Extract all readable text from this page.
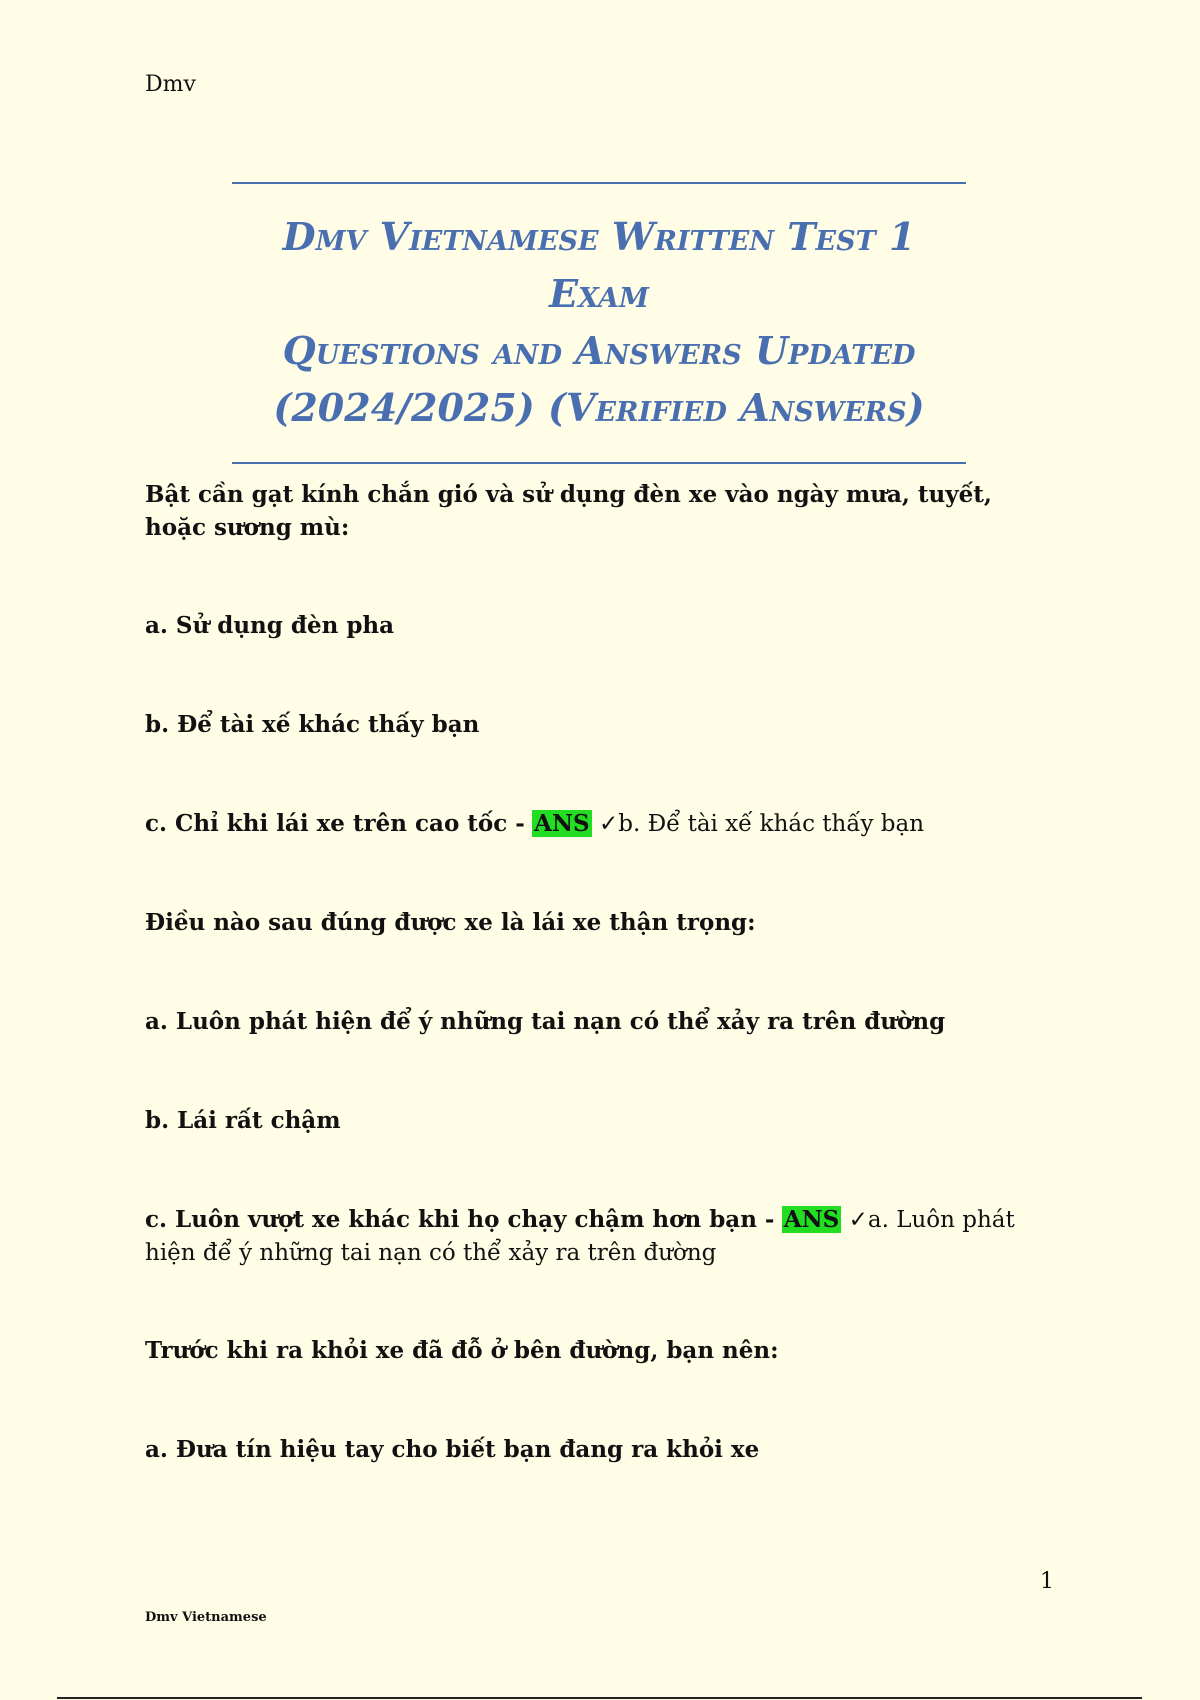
Dmv

Dmv Vietnamese Written Test 1 Exam
Questions and Answers Updated
(2024/2025) (Verified Answers)

Bật cần gạt kính chắn gió và sử dụng đèn xe vào ngày mưa, tuyết, hoặc sương mù:
a. Sử dụng đèn pha
b. Để tài xế khác thấy bạn
c. Chỉ khi lái xe trên cao tốc - ANS ✓b. Để tài xế khác thấy bạn
Điều nào sau đúng được xe là lái xe thận trọng:
a. Luôn phát hiện để ý những tai nạn có thể xảy ra trên đường
b. Lái rất chậm
c. Luôn vượt xe khác khi họ chạy chậm hơn bạn - ANS ✓a. Luôn phát hiện để ý những tai nạn có thể xảy ra trên đường
Trước khi ra khỏi xe đã đỗ ở bên đường, bạn nên:
a. Đưa tín hiệu tay cho biết bạn đang ra khỏi xe
1
Dmv Vietnamese
